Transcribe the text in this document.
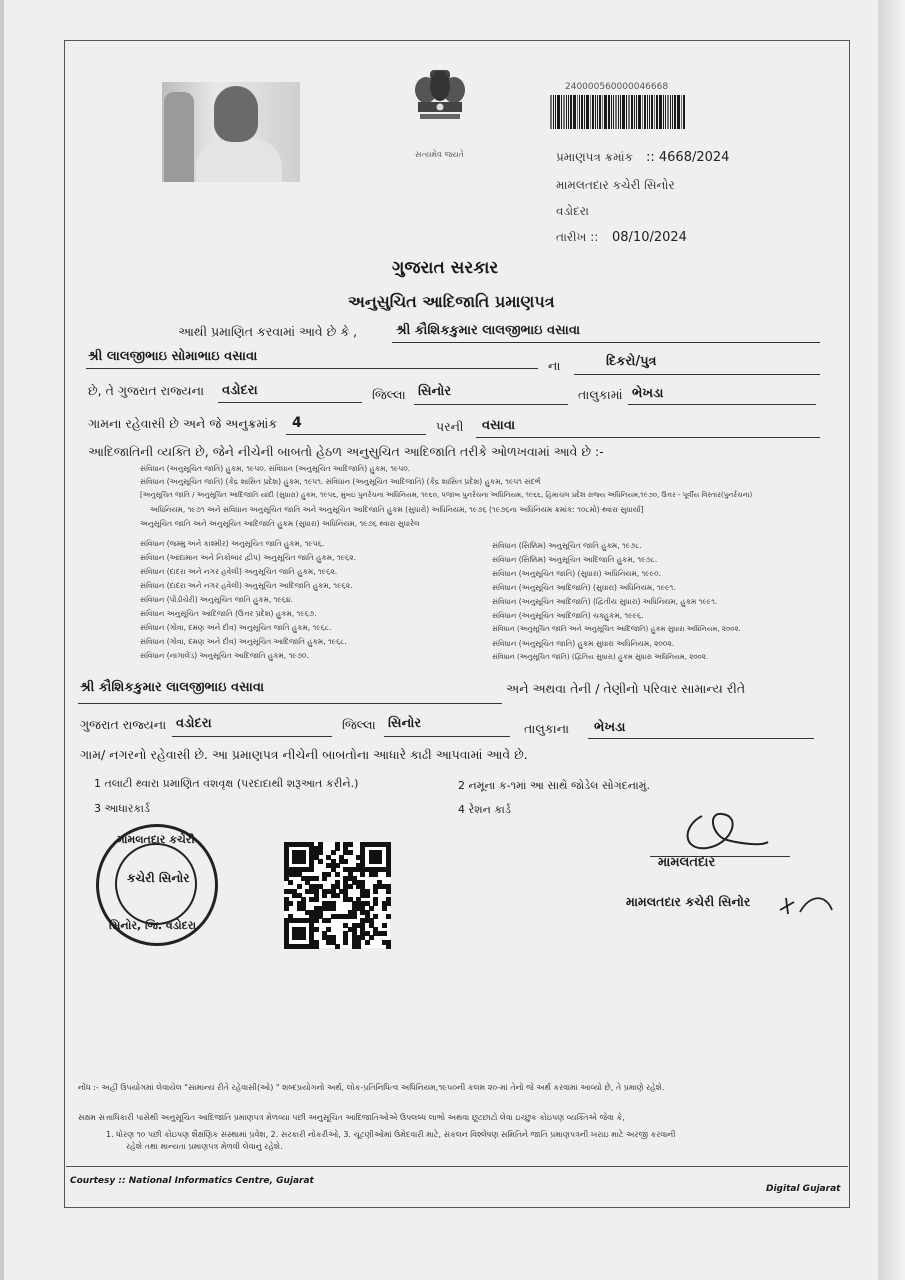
સત્યમેવ જયતે
240000560000046668
પ્રમાણપત્ર ક્રમાંક :: 4668/2024
મામલતદાર કચેરી સિનોર
વડોદરા
તારીખ :: 08/10/2024
ગુજરાત સરકાર
અનુસુચિત આદિજાતિ પ્રમાણપત્ર
આથી પ્રમાણિત કરવામાં આવે છે કે ,	શ્રી કૌશિકકુમાર લાલજીભાઇ વસાવા
શ્રી લાલજીભાઇ સોમાભાઇ વસાવા
ના	દિકરો/પુત્ર
છે, તે ગુજરાત રાજ્યના વડોદરા	જિલ્લા સિનોર	તાલુકામાં ભેખડા
ગામના રહેવાસી છે અને જે અનુક્રમાંક 4	પરની વસાવા
આદિજાતિની વ્યક્તિ છે, જેને નીચેની બાબતો હેઠળ અનુસુચિત આદિજાતિ તરીકે ઓળખવામાં આવે છે :-
સંવિધાન (અનુસૂચિત જાતિ) હુકમ, ૧૯૫૦. સંવિધાન (અનુસૂચિત આદિજાતિ) હુકમ, ૧૯૫૦.
સંવિધાન (અનુસૂચિત જાતિ) (કેંદ્ર શાસિત પ્રદેશ) હુકમ, ૧૯૫૧. સંવિધાન (અનુસૂચિત આદિજાતિ) (કેંદ્ર શાસિત પ્રદેશ) હુકમ, ૧૯૫૧ સંદર્ભ
[અનુસૂચિત જાતિ / અનુસૂચિત આદિજાતિ યાદી (સુધારા) હુકમ, ૧૯૫૬, મુંબઇ પુનર્રચના અધિનિયમ, ૧૯૬૦, પંજાબ પુનર્રચના અધિનિયમ, ૧૯૬૬, હિમાચલ પ્રદેશ રાજ્ય અધિનિયમ,૧૯૭૦, ઉત્તર - પૂર્વીય વિસ્તાર(પુનર્રચના)
અધિનિયમ, ૧૯૭૧ અને સંવિધાન અનુસૂચિત જાતિ અને અનુસૂચિત આદિજાતિ હુકમ (સુધારો) અધિનિયમ, ૧૯૭૬ (૧૯૭૬ના અધિનિયમ ક્રમાંક: ૧૦૮મો) થ્વારા સુધાર્યા]
અનુસૂચિત જાતિ અને અનુસૂચિત આદિજાતિ હુકમ (સુધારા) અધિનિયમ, ૧૯૭૬ થ્વારા સુધારેલ
સંવિધાન (જમ્મુ અને કાશ્મીર) અનુસૂચિત જાતિ હુકમ, ૧૯૫૬.
સંવિધાન (આંદામાન અને નિકોબાર દ્વીપ) અનુસૂચિત જાતિ હુકમ, ૧૯૬૨.
સંવિધાન (દાદરા અને નગર હવેલી) અનુસૂચિત જાતિ હુકમ, ૧૯૬૨.
સંવિધાન (દાદરા અને નગર હવેલી) અનુસૂચિત આદિજાતિ હુકમ, ૧૯૬૨.
સંવિધાન (પોંડીચેરી) અનુસૂચિત જાતિ હુકમ, ૧૯૬૪.
સંવિધાન અનુસૂચિત આદિજાતિ (ઉત્તર પ્રદેશ) હુકમ, ૧૯૬૭.
સંવિધાન (ગોવા, દમણ અને દીવ) અનુસૂચિત જાતિ હુકમ, ૧૯૬૮.
સંવિધાન (ગોવા, દમણ અને દીવ) અનુસૂચિત આદિજાતિ હુકમ, ૧૯૬૮.
સંવિધાન (નાગાલેંડ) અનુસૂચિત આદિજાતિ હુકમ, ૧૯૭૦.
સંવિધાન (સિક્કિમ) અનુસૂચિત જાતિ હુકમ, ૧૯૭૮.
સંવિધાન (સિક્કિમ) અનુસૂચિત આદિજાતિ હુકમ, ૧૯૭૮.
સંવિધાન (અનુસૂચિત જાતિ) (સુધારા) અધિનિયમ, ૧૯૯૦.
સંવિધાન (અનુસૂચિત આદિજાતિ) (સુધારા) અધિનિયમ, ૧૯૯૧.
સંવિધાન (અનુસૂચિત આદિજાતિ) (દ્વિતીય સુધારા) અધિનિયમ, હુકમ ૧૯૯૧.
સંવિધાન (અનુસૂચિત આદિજાતિ) ચક્હુકમ, ૧૯૯૬.
સંવિધાન (અનુસૂચિત જાતિ અને અનુસૂચિત આદિજાતિ) હુકમ સુધારા અધિનિયમ, ૨૦૦૨.
સંવિધાન (અનુસૂચિત જાતિ) હુકમ સુધારા અધિનિયમ, ૨૦૦૨.
સંવિધાન (અનુસૂચિત જાતિ) (દ્વિતિય સુધારા) હુકમ સુધારા અધિનિયમ, ૨૦૦૨.
શ્રી કૌશિકકુમાર લાલજીભાઇ વસાવા	અને અથવા તેની / તેણીનો પરિવાર સામાન્ય રીતે
ગુજરાત રાજ્યના વડોદરા	જિલ્લા સિનોર	તાલુકાના ભેખડા
ગામ/ નગરનો રહેવાસી છે. આ પ્રમાણપત્ર નીચેની બાબતોના આધારે કાઢી આપવામાં આવે છે.
1 તલાટી થ્વારા પ્રમાણિત વંશવૃક્ષ (પરદાદાથી શરૂઆત કરીને.)	2 નમૂના ક-૧માં આ સાથે જોડેલ સોગંદનામું.
3 આધારકાર્ડ	4 રેશન કાર્ડ
મામલતદાર કચેરી
કચેરી સિનોર
સિનોર, જિ. વડોદરા
મામલતદાર
મામલતદાર કચેરી સિનોર
નોંધ :- અહીં ઉપયોગમાં લેવાયેલ "સામાન્ય રીતે રહેવાસી(ઓ) " શબ્દપ્રયોગનો અર્થ, લોક-પ્રતિનિધિત્વ અધિનિયમ,૧૯૫૦ની કલમ ૨૦-માં તેનો જે અર્થ કરવામાં આવ્યો છે, તે પ્રમાણે રહેશે.
સક્ષમ સત્તાધિકારી પાસેથી અનુસૂચિત આદિજાતિ પ્રમાણપત્ર મેળવ્યા પછી અનુસૂચિત આદિજાતિઓએ ઉપલબ્ધ લાભો અથવા છૂટછાટો લેવા ઇચ્છુક કોઇપણ વ્યક્તિએ જેવા કે,
1. ધોરણ ૧૦ પછી કોઇપણ શૈક્ષણિક સંસ્થામાં પ્રવેશ, 2. સરકારી નોકરીઓ, 3. ચૂંટણીઓમાં ઉમેદવારી માટે, સંકલન વિશ્લેષણ સમિતિને જાતિ પ્રમાણપત્રની ખરાઇ માટે અરજી કરવાની
રહેશે તથા માન્યતા પ્રમાણપત્ર મેળવી લેવાનું રહેશે.
Courtesy :: National Informatics Centre, Gujarat
Digital Gujarat
